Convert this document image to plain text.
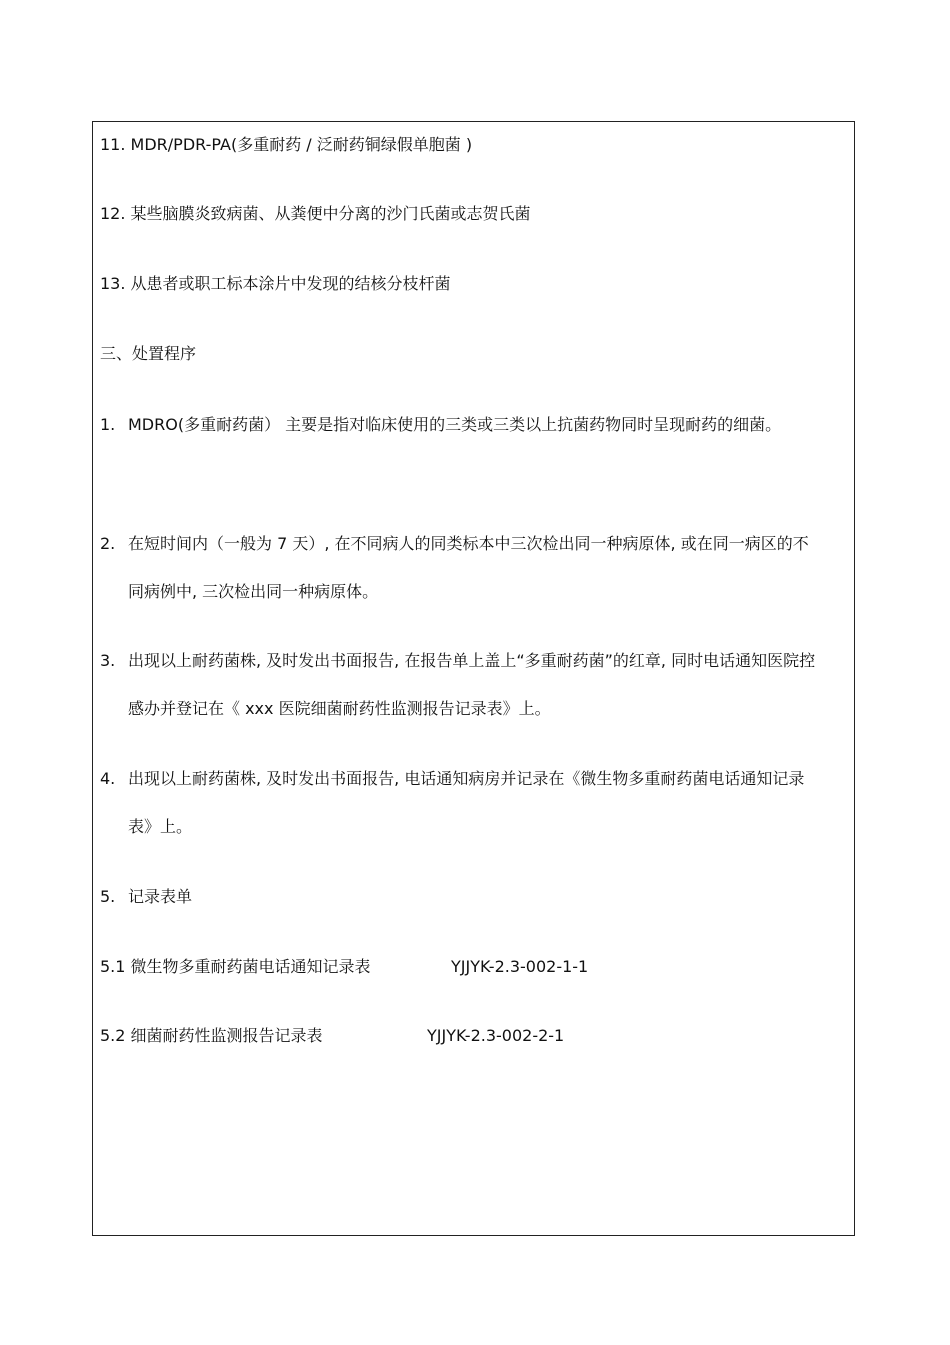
11. MDR/PDR-PA(多重耐药 / 泛耐药铜绿假单胞菌 )
12. 某些脑膜炎致病菌、从粪便中分离的沙门氏菌或志贺氏菌
13. 从患者或职工标本涂片中发现的结核分枝杆菌
三、处置程序
1. MDRO(多重耐药菌） 主要是指对临床使用的三类或三类以上抗菌药物同时呈现耐药的细菌。
2. 在短时间内（一般为 7 天）, 在不同病人的同类标本中三次检出同一种病原体, 或在同一病区的不同病例中, 三次检出同一种病原体。
3. 出现以上耐药菌株, 及时发出书面报告, 在报告单上盖上“多重耐药菌”的红章, 同时电话通知医院控感办并登记在《 xxx 医院细菌耐药性监测报告记录表》上。
4. 出现以上耐药菌株, 及时发出书面报告, 电话通知病房并记录在《微生物多重耐药菌电话通知记录表》上。
5. 记录表单
5.1 微生物多重耐药菌电话通知记录表	YJJYK-2.3-002-1-1
5.2 细菌耐药性监测报告记录表	YJJYK-2.3-002-2-1
